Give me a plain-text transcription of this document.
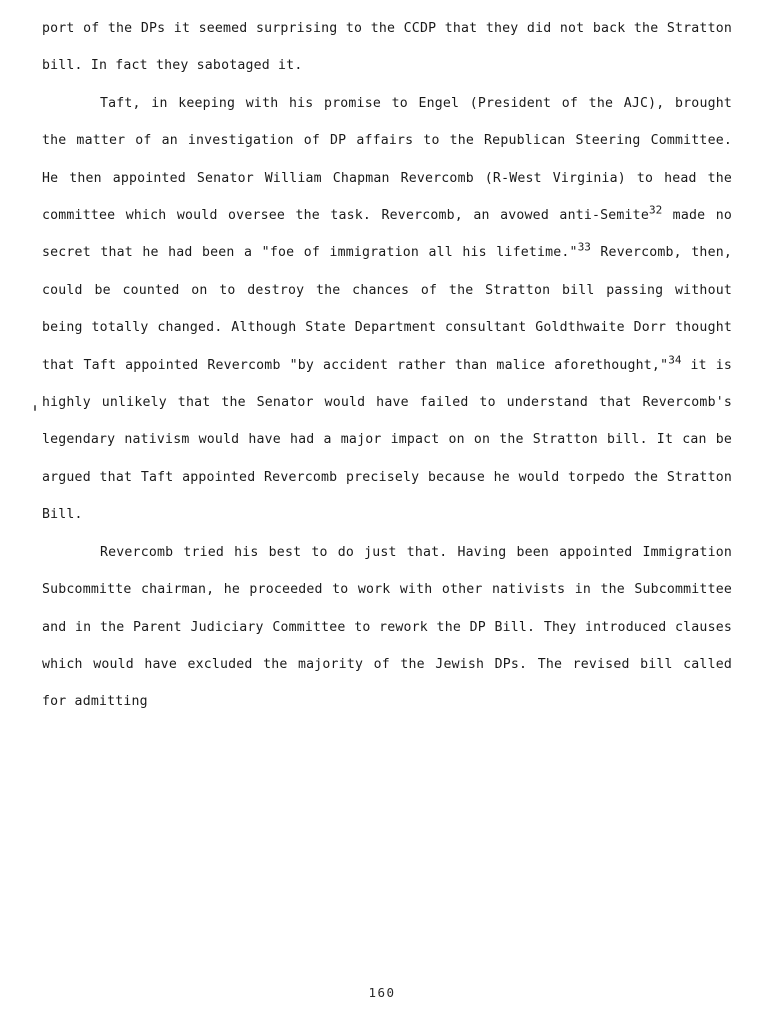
port of the DPs it seemed surprising to the CCDP that they did not back the Stratton bill. In fact they sabotaged it.

Taft, in keeping with his promise to Engel (President of the AJC), brought the matter of an investigation of DP affairs to the Republican Steering Committee. He then appointed Senator William Chapman Revercomb (R-West Virginia) to head the committee which would oversee the task. Revercomb, an avowed anti-Semite$^{32}$ made no secret that he had been a "foe of immigration all his lifetime."$^{33}$ Revercomb, then, could be counted on to destroy the chances of the Stratton bill passing without being totally changed. Although State Department consultant Goldthwaite Dorr thought that Taft appointed Revercomb "by accident rather than malice aforethought,"$^{34}$ it is highly unlikely that the Senator would have failed to understand that Revercomb's legendary nativism would have had a major impact on on the Stratton bill. It can be argued that Taft appointed Revercomb precisely because he would torpedo the Stratton Bill.

Revercomb tried his best to do just that. Having been appointed Immigration Subcommitte chairman, he proceeded to work with other nativists in the Subcommittee and in the Parent Judiciary Committee to rework the DP Bill. They introduced clauses which would have excluded the majority of the Jewish DPs. The revised bill called for admitting

160
